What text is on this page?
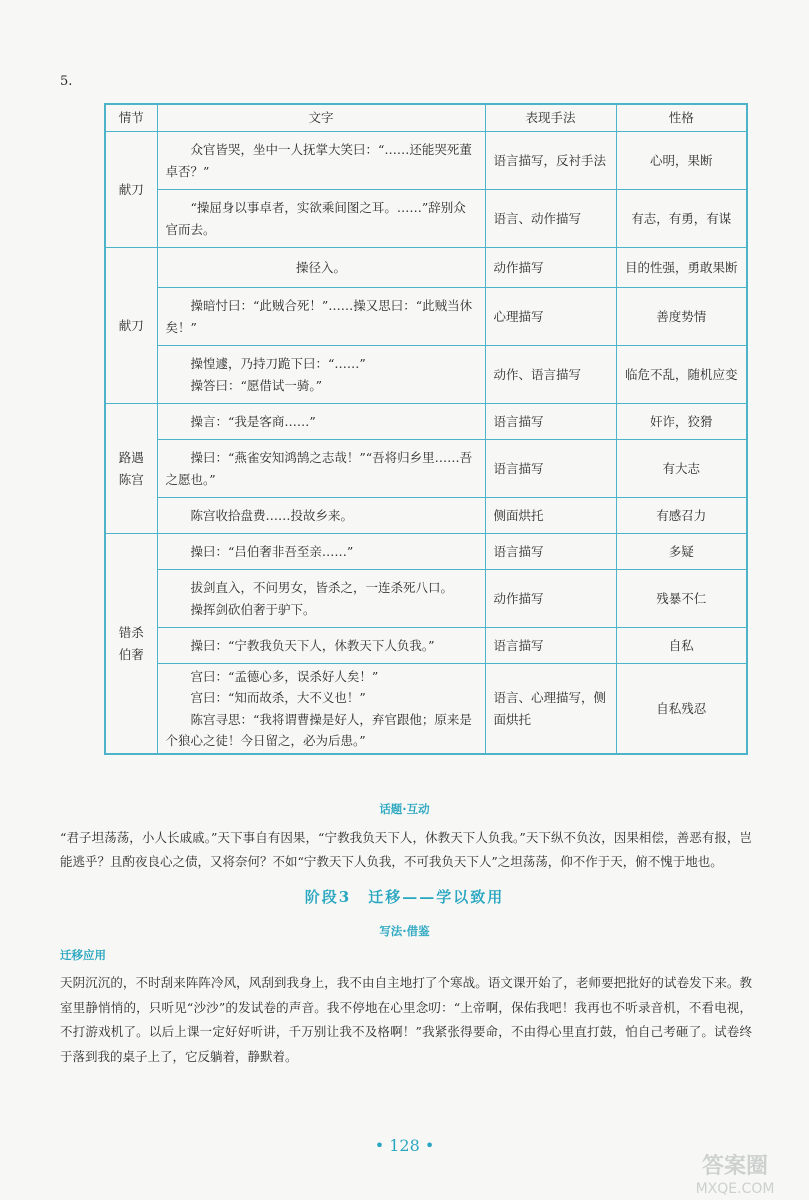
5.
情节	文字	表现手法	性格
献刀	众官皆哭，坐中一人抚掌大笑曰：“……还能哭死董卓否？”	语言描写，反衬手法	心明，果断

	“操屈身以事卓者，实欲乘间图之耳。……”辞别众官而去。	语言、动作描写	有志，有勇，有谋
献刀	操径入。	动作描写	目的性强，勇敢果断

	操暗忖曰：“此贼合死！”……操又思曰：“此贼当休矣！”	心理描写	善度势情

	操惶遽，乃持刀跪下曰：“……”
操答曰：“愿借试一骑。”	动作、语言描写	临危不乱，随机应变
路遇陈宫	操言：“我是客商……”	语言描写	奸诈，狡猾

	操曰：“燕雀安知鸿鹄之志哉！”“吾将归乡里……吾之愿也。”	语言描写	有大志

	陈宫收拾盘费……投故乡来。	侧面烘托	有感召力
错杀伯奢	操曰：“吕伯奢非吾至亲……”	语言描写	多疑

	拔剑直入，不问男女，皆杀之，一连杀死八口。
操挥剑砍伯奢于驴下。	动作描写	残暴不仁

	操曰：“宁教我负天下人，休教天下人负我。”	语言描写	自私

	宫曰：“孟德心多，误杀好人矣！”
宫曰：“知而故杀，大不义也！”
陈宫寻思：“我将谓曹操是好人，弃官跟他；原来是个狼心之徒！今日留之，必为后患。”	语言、心理描写，侧面烘托	自私残忍
话题·互动
“君子坦荡荡，小人长戚戚。”天下事自有因果，“宁教我负天下人，休教天下人负我。”天下纵不负汝，因果相偿，善恶有报，岂能逃乎？且酌夜良心之债，又将奈何？不如“宁教天下人负我，不可我负天下人”之坦荡荡，仰不作于天，俯不愧于地也。
阶段3　迁移——学以致用
写法·借鉴
迁移应用
天阴沉沉的，不时刮来阵阵冷风，风刮到我身上，我不由自主地打了个寒战。语文课开始了，老师要把批好的试卷发下来。教室里静悄悄的，只听见“沙沙”的发试卷的声音。我不停地在心里念叨：“上帝啊，保佑我吧！我再也不听录音机，不看电视，不打游戏机了。以后上课一定好好听讲，千万别让我不及格啊！”我紧张得要命，不由得心里直打鼓，怕自己考砸了。试卷终于落到我的桌子上了，它反躺着，静默着。
• 128 •
答案圈
MXQE.COM
